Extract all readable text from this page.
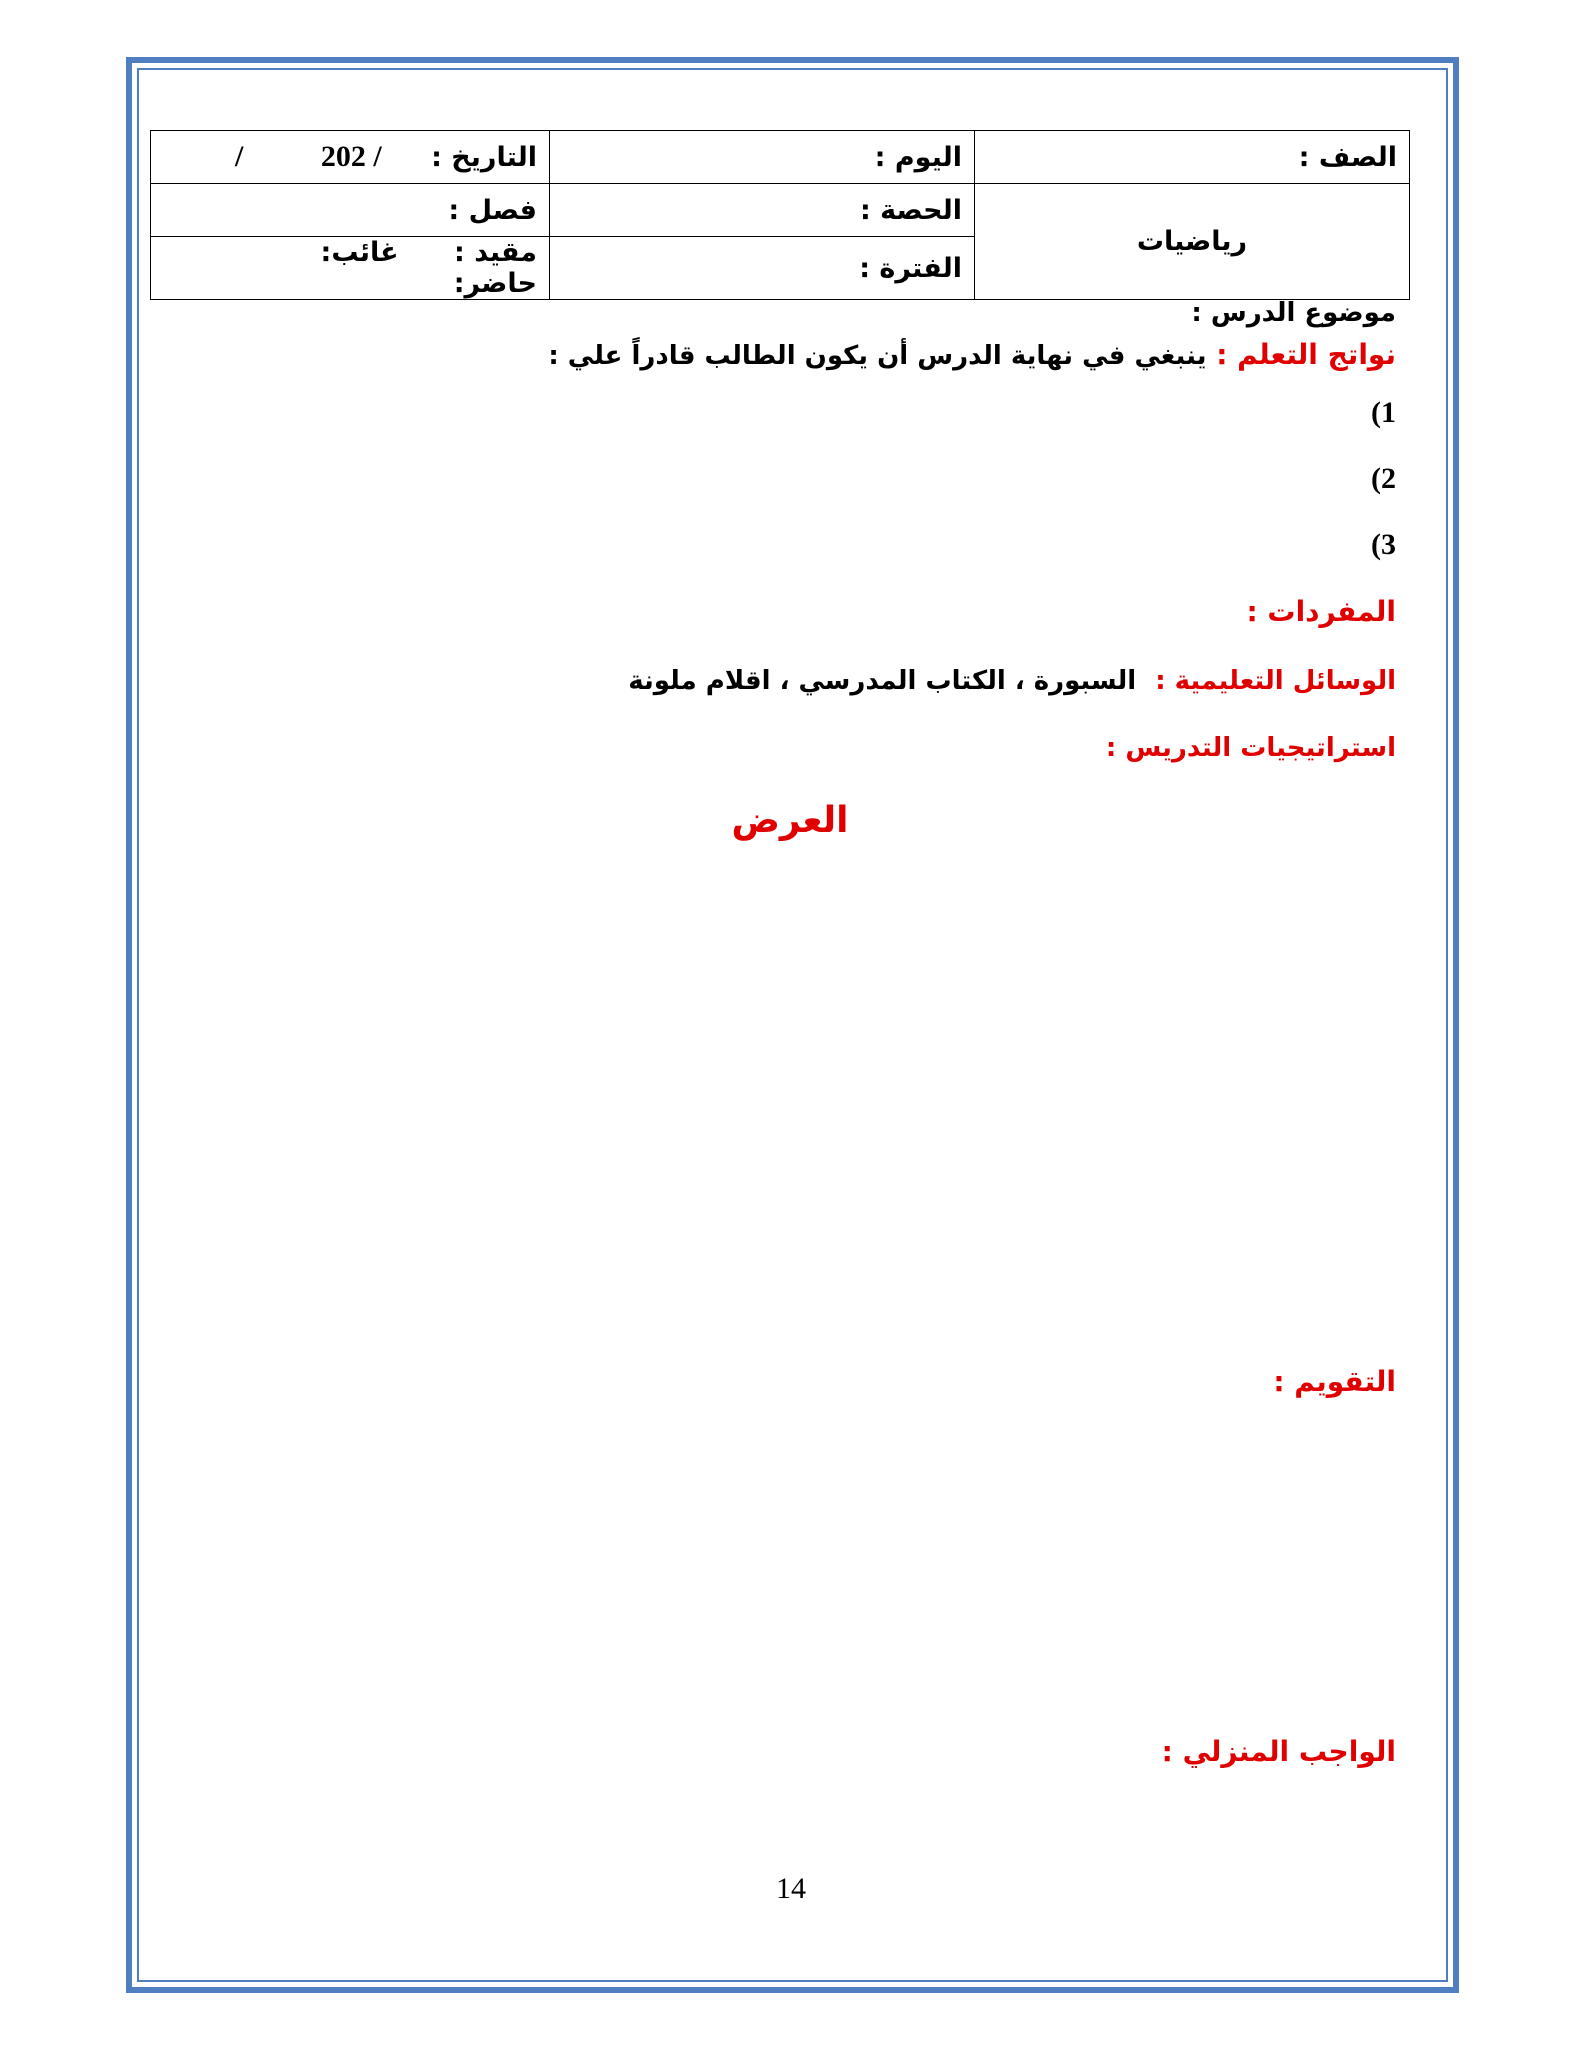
الصف :	اليوم :	التاريخ : / 202 /
رياضيات	الحصة :	فصل :
	الفترة :	مقيد : غائب: حاضر:
موضوع الدرس :
نواتج التعلم : ينبغي في نهاية الدرس أن يكون الطالب قادراً علي :
1)
2)
3)
المفردات :
الوسائل التعليمية : السبورة ، الكتاب المدرسي ، اقلام ملونة
استراتيجيات التدريس :
العرض
التقويم :
الواجب المنزلي :
14
